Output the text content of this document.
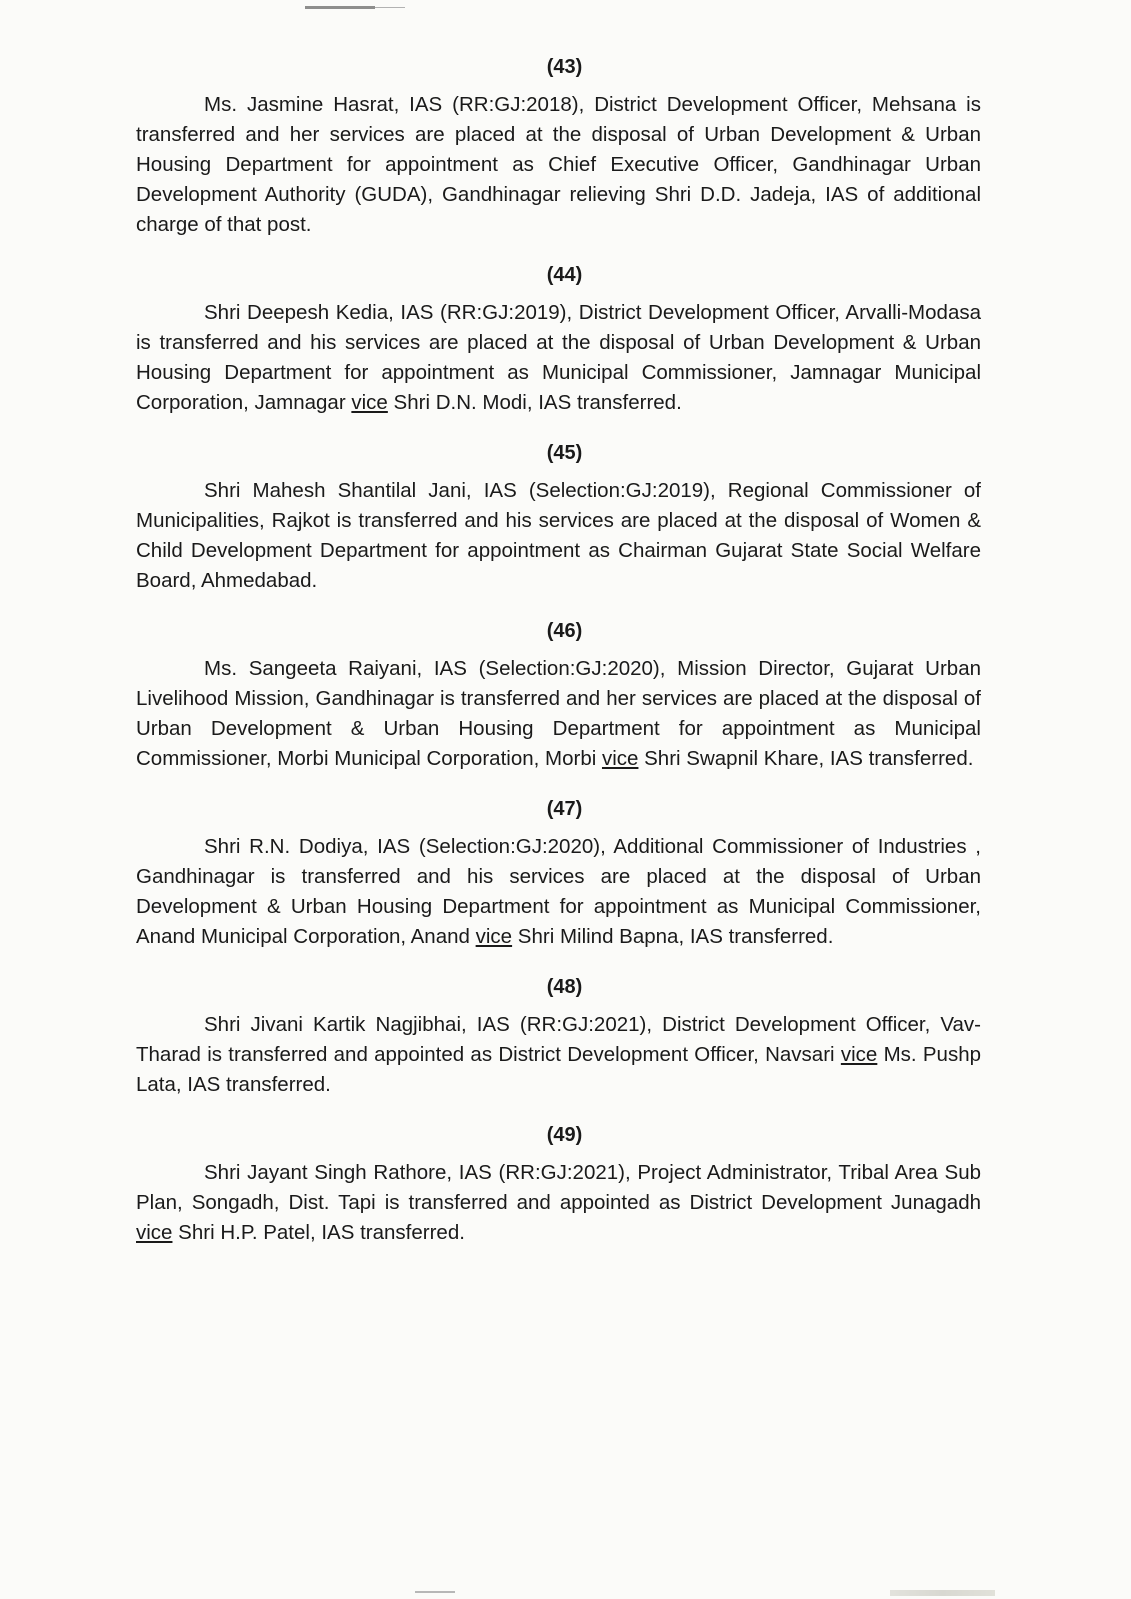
(43)

Ms. Jasmine Hasrat, IAS (RR:GJ:2018), District Development Officer, Mehsana is transferred and her services are placed at the disposal of Urban Development & Urban Housing Department for appointment as Chief Executive Officer, Gandhinagar Urban Development Authority (GUDA), Gandhinagar relieving Shri D.D. Jadeja, IAS of additional charge of that post.

(44)

Shri Deepesh Kedia, IAS (RR:GJ:2019), District Development Officer, Arvalli-Modasa is transferred and his services are placed at the disposal of Urban Development & Urban Housing Department for appointment as Municipal Commissioner, Jamnagar Municipal Corporation, Jamnagar vice Shri D.N. Modi, IAS transferred.

(45)

Shri Mahesh Shantilal Jani, IAS (Selection:GJ:2019), Regional Commissioner of Municipalities, Rajkot is transferred and his services are placed at the disposal of Women & Child Development Department for appointment as Chairman Gujarat State Social Welfare Board, Ahmedabad.

(46)

Ms. Sangeeta Raiyani, IAS (Selection:GJ:2020), Mission Director, Gujarat Urban Livelihood Mission, Gandhinagar is transferred and her services are placed at the disposal of Urban Development & Urban Housing Department for appointment as Municipal Commissioner, Morbi Municipal Corporation, Morbi vice Shri Swapnil Khare, IAS transferred.

(47)

Shri R.N. Dodiya, IAS (Selection:GJ:2020), Additional Commissioner of Industries , Gandhinagar is transferred and his services are placed at the disposal of Urban Development & Urban Housing Department for appointment as Municipal Commissioner, Anand Municipal Corporation, Anand vice Shri Milind Bapna, IAS transferred.

(48)

Shri Jivani Kartik Nagjibhai, IAS (RR:GJ:2021), District Development Officer, Vav-Tharad is transferred and appointed as District Development Officer, Navsari vice Ms. Pushp Lata, IAS transferred.

(49)

Shri Jayant Singh Rathore, IAS (RR:GJ:2021), Project Administrator, Tribal Area Sub Plan, Songadh, Dist. Tapi is transferred and appointed as District Development Junagadh vice Shri H.P. Patel, IAS transferred.
